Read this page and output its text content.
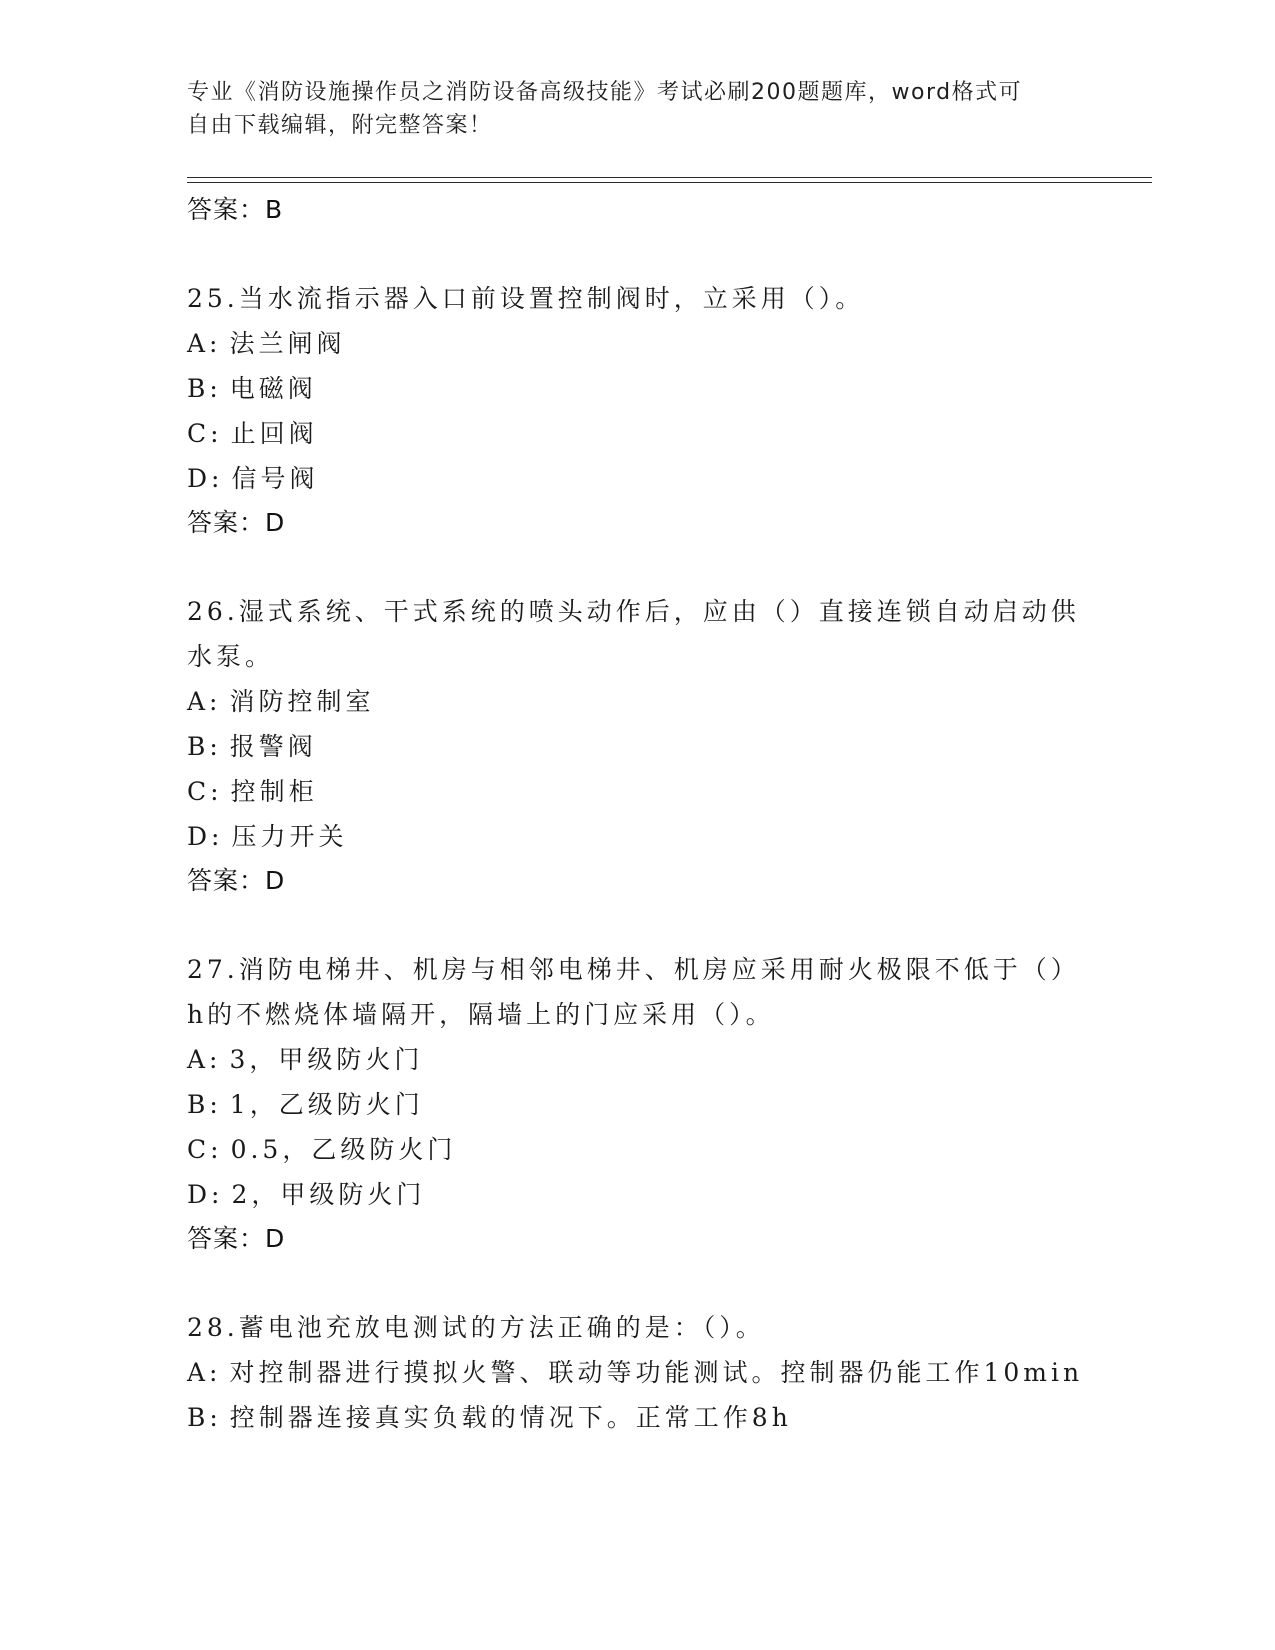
专业《消防设施操作员之消防设备高级技能》考试必刷200题题库，word格式可
自由下载编辑，附完整答案！
答案：B

25.当水流指示器入口前设置控制阀时，立采用（）。

A: 法兰闸阀
B: 电磁阀
C: 止回阀
D: 信号阀
答案：D

26.湿式系统、干式系统的喷头动作后，应由（）直接连锁自动启动供
水泵。

A: 消防控制室
B: 报警阀
C: 控制柜
D: 压力开关
答案：D

27.消防电梯井、机房与相邻电梯井、机房应采用耐火极限不低于（）
h的不燃烧体墙隔开，隔墙上的门应采用（）。

A: 3，甲级防火门
B: 1，乙级防火门
C: 0.5，乙级防火门
D: 2，甲级防火门
答案：D

28.蓄电池充放电测试的方法正确的是：（）。

A: 对控制器进行摸拟火警、联动等功能测试。控制器仍能工作10min
B: 控制器连接真实负载的情况下。正常工作8h
